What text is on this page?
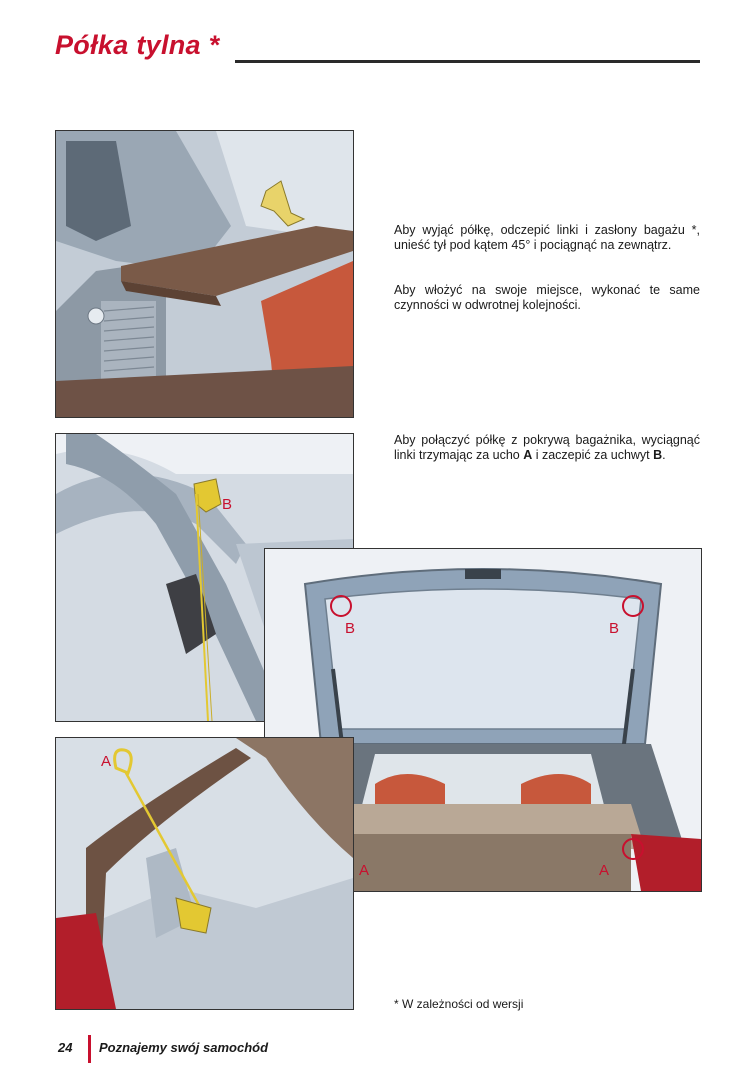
Półka tylna *

Aby wyjąć półkę, odczepić linki i zasłony bagażu *, unieść tył pod kątem 45° i pociągnąć na zewnątrz.

Aby włożyć na swoje miejsce, wykonać te same czynności w odwrotnej kolejności.

B

Aby połączyć półkę z pokrywą bagażnika, wyciągnąć linki trzymając za ucho A i zaczepić za uchwyt B.

B	B
A	A
A
* W zależności od wersji
24 Poznajemy swój samochód
